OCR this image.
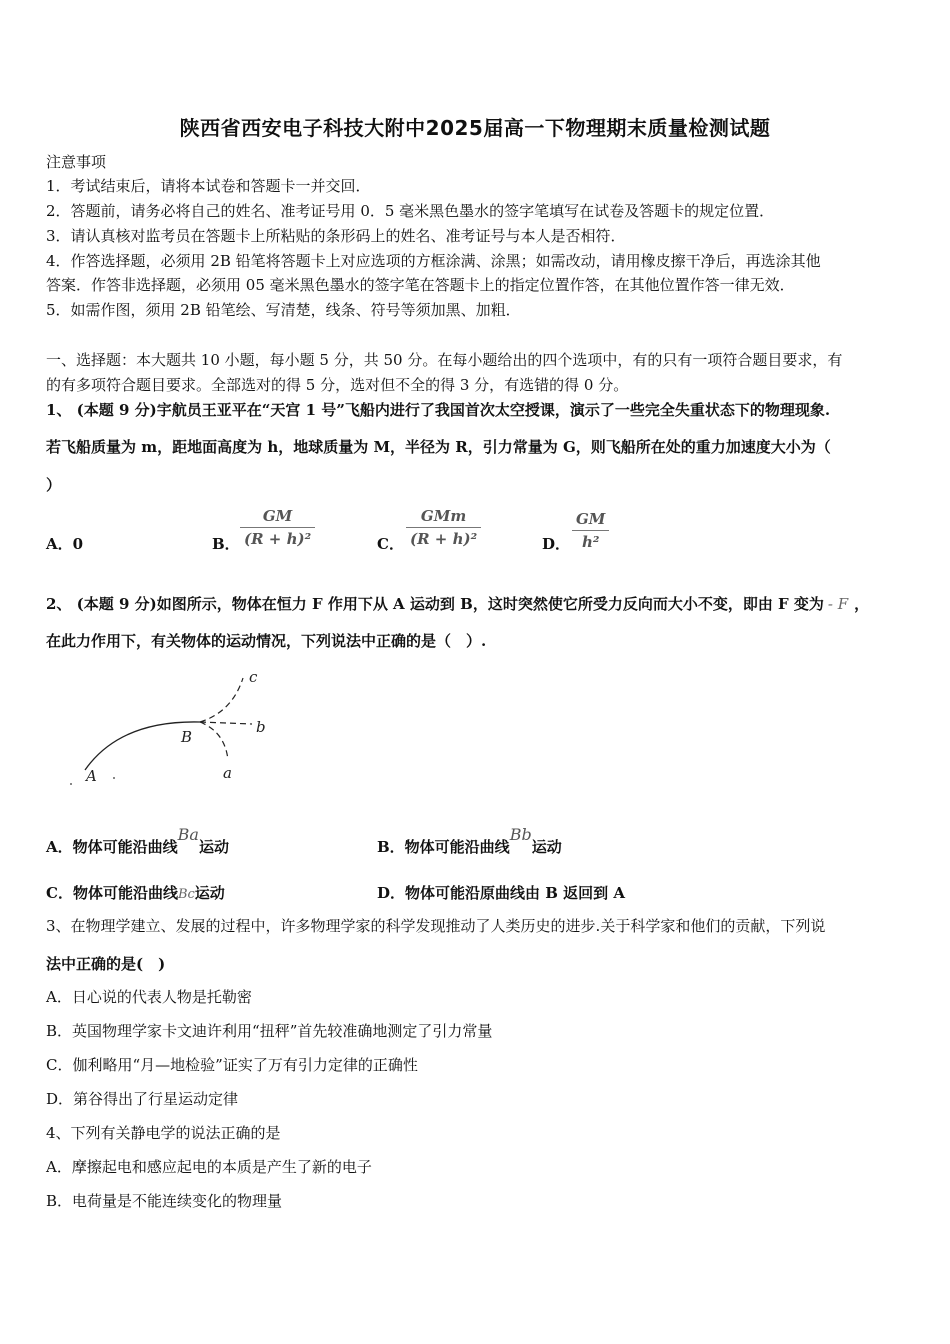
陕西省西安电子科技大附中2025届高一下物理期末质量检测试题
注意事项
1．考试结束后，请将本试卷和答题卡一并交回．
2．答题前，请务必将自己的姓名、准考证号用 0．5 毫米黑色墨水的签字笔填写在试卷及答题卡的规定位置．
3．请认真核对监考员在答题卡上所粘贴的条形码上的姓名、准考证号与本人是否相符．
4．作答选择题，必须用 2B 铅笔将答题卡上对应选项的方框涂满、涂黑；如需改动，请用橡皮擦干净后，再选涂其他
答案．作答非选择题，必须用 05 毫米黑色墨水的签字笔在答题卡上的指定位置作答，在其他位置作答一律无效．
5．如需作图，须用 2B 铅笔绘、写清楚，线条、符号等须加黑、加粗．
一、选择题：本大题共 10 小题，每小题 5 分，共 50 分。在每小题给出的四个选项中，有的只有一项符合题目要求，有
的有多项符合题目要求。全部选对的得 5 分，选对但不全的得 3 分，有选错的得 0 分。
1、 (本题 9 分)宇航员王亚平在“天宫 1 号”飞船内进行了我国首次太空授课，演示了一些完全失重状态下的物理现象.
若飞船质量为 m，距地面高度为 h，地球质量为 M，半径为 R，引力常量为 G，则飞船所在处的重力加速度大小为（
）
A．0	B． $\frac{GM}{\text{(R + h)²}}$	C． $\frac{\text{GMm}}{\text{(R + h)²}}$	D． $\frac{GM}{\text{h²}}$
2、 (本题 9 分)如图所示，物体在恒力 F 作用下从 A 运动到 B，这时突然使它所受力反向而大小不变，即由 F 变为 - F ，
在此力作用下，有关物体的运动情况，下列说法中正确的是（　）.
A
B
c
b
a
A．物体可能沿曲线Ba运动	B．物体可能沿曲线Bb运动
C．物体可能沿曲线Bc运动	D．物体可能沿原曲线由 B 返回到 A
3、在物理学建立、发展的过程中，许多物理学家的科学发现推动了人类历史的进步.关于科学家和他们的贡献，下列说
法中正确的是(　)
A．日心说的代表人物是托勒密
B．英国物理学家卡文迪许利用“扭秤”首先较准确地测定了引力常量
C．伽利略用“月—地检验”证实了万有引力定律的正确性
D．第谷得出了行星运动定律
4、下列有关静电学的说法正确的是
A．摩擦起电和感应起电的本质是产生了新的电子
B．电荷量是不能连续变化的物理量
